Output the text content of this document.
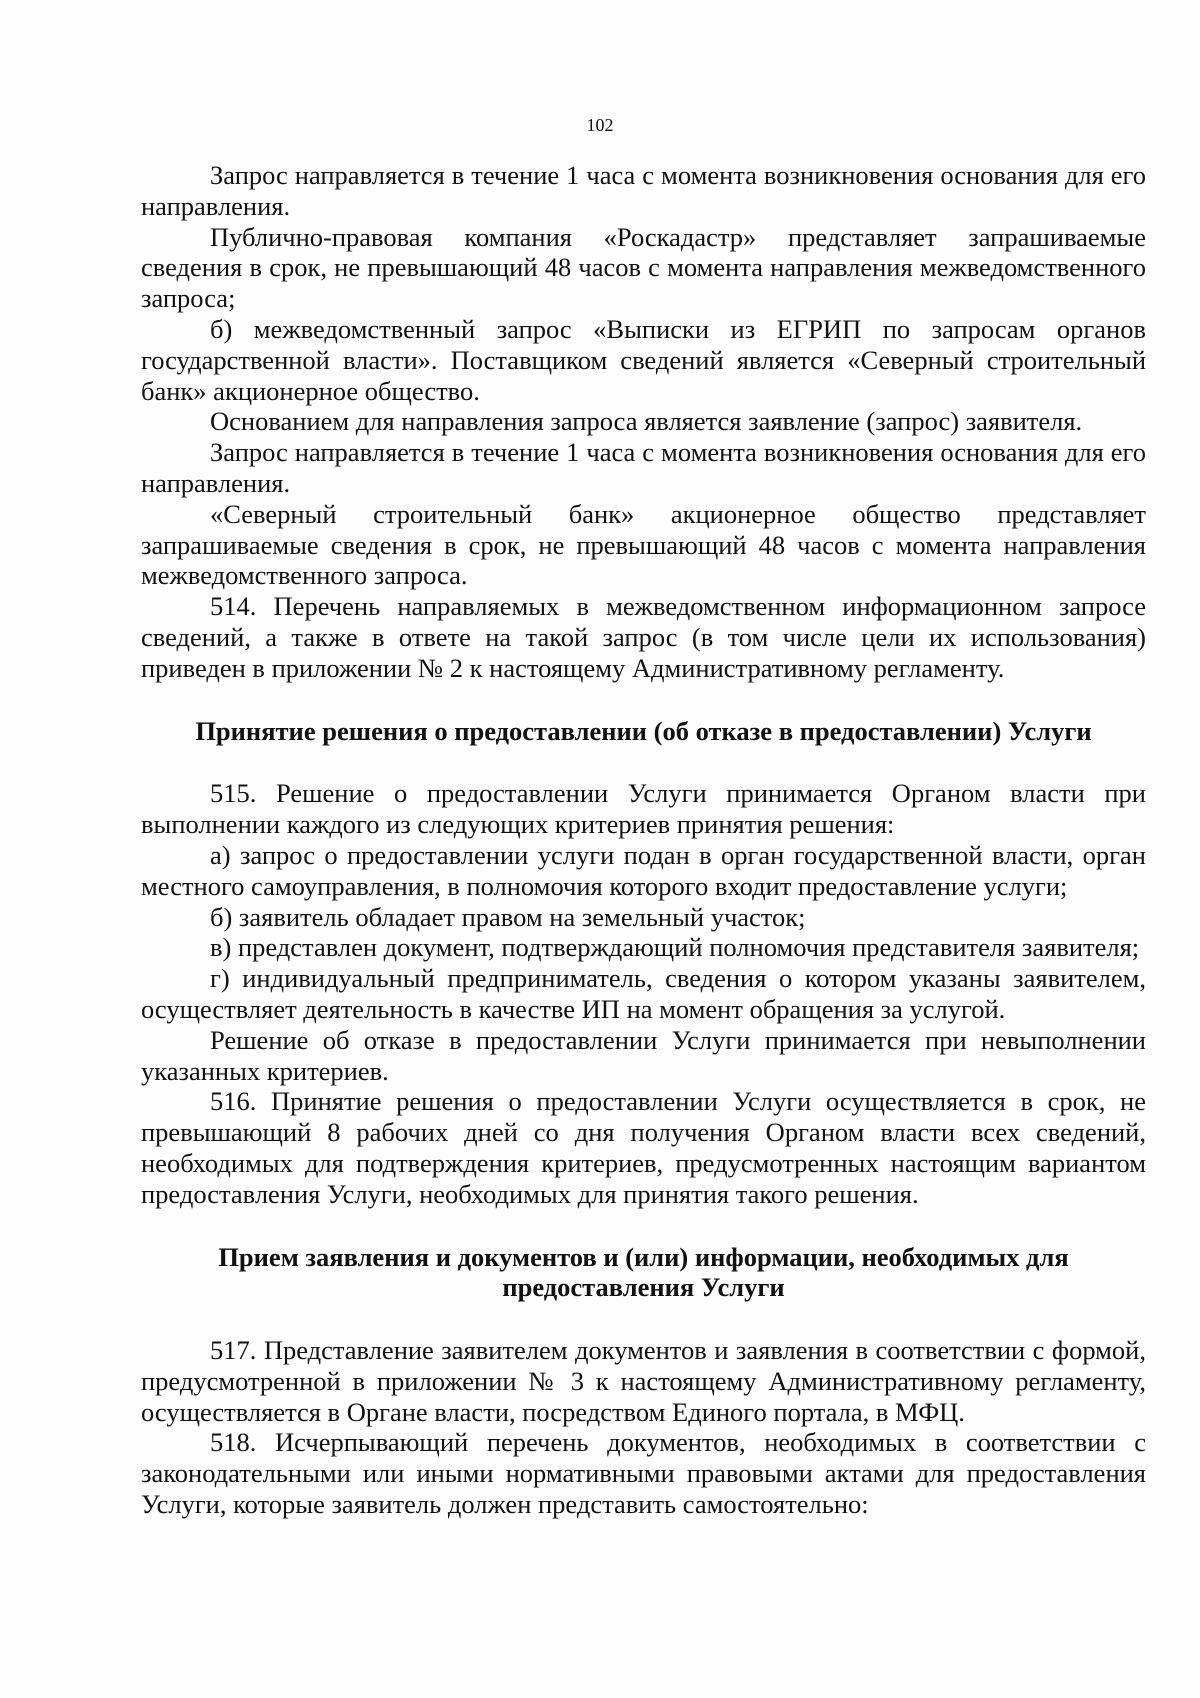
102

Запрос направляется в течение 1 часа с момента возникновения основания для его направления.

Публично-правовая компания «Роскадастр» представляет запрашиваемые сведения в срок, не превышающий 48 часов с момента направления межведомственного запроса;

б) межведомственный запрос «Выписки из ЕГРИП по запросам органов государственной власти». Поставщиком сведений является «Северный строительный банк» акционерное общество.

Основанием для направления запроса является заявление (запрос) заявителя.

Запрос направляется в течение 1 часа с момента возникновения основания для его направления.

«Северный строительный банк» акционерное общество представляет запрашиваемые сведения в срок, не превышающий 48 часов с момента направления межведомственного запроса.

514. Перечень направляемых в межведомственном информационном запросе сведений, а также в ответе на такой запрос (в том числе цели их использования) приведен в приложении № 2 к настоящему Административному регламенту.

Принятие решения о предоставлении (об отказе в предоставлении) Услуги

515. Решение о предоставлении Услуги принимается Органом власти при выполнении каждого из следующих критериев принятия решения:

а) запрос о предоставлении услуги подан в орган государственной власти, орган местного самоуправления, в полномочия которого входит предоставление услуги;

б) заявитель обладает правом на земельный участок;

в) представлен документ, подтверждающий полномочия представителя заявителя;

г) индивидуальный предприниматель, сведения о котором указаны заявителем, осуществляет деятельность в качестве ИП на момент обращения за услугой.

Решение об отказе в предоставлении Услуги принимается при невыполнении указанных критериев.

516. Принятие решения о предоставлении Услуги осуществляется в срок, не превышающий 8 рабочих дней со дня получения Органом власти всех сведений, необходимых для подтверждения критериев, предусмотренных настоящим вариантом предоставления Услуги, необходимых для принятия такого решения.

Прием заявления и документов и (или) информации, необходимых для

предоставления Услуги

517. Представление заявителем документов и заявления в соответствии с формой, предусмотренной в приложении № 3 к настоящему Административному регламенту, осуществляется в Органе власти, посредством Единого портала, в МФЦ.

518. Исчерпывающий перечень документов, необходимых в соответствии с законодательными или иными нормативными правовыми актами для предоставления Услуги, которые заявитель должен представить самостоятельно:
